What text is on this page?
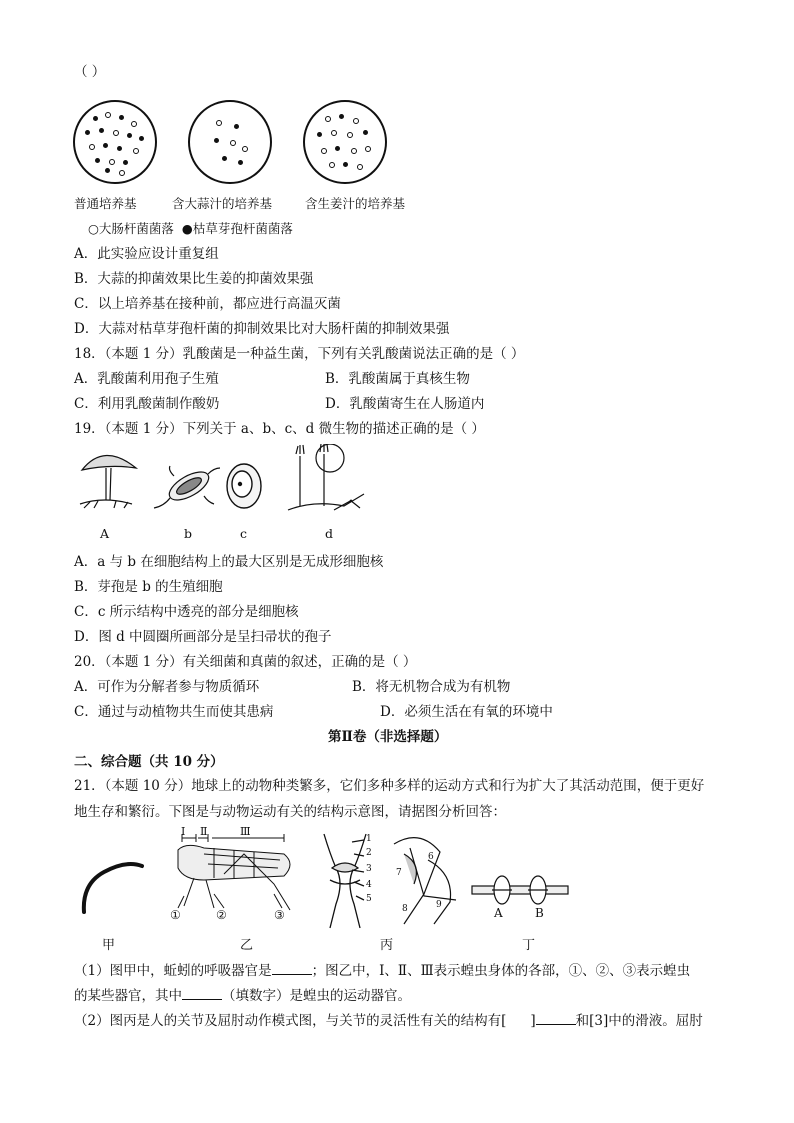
（ ）
普通培养基	含大蒜汁的培养基	含生姜汁的培养基
○大肠杆菌菌落 ●枯草芽孢杆菌菌落
A．此实验应设计重复组
B．大蒜的抑菌效果比生姜的抑菌效果强
C．以上培养基在接种前，都应进行高温灭菌
D．大蒜对枯草芽孢杆菌的抑制效果比对大肠杆菌的抑制效果强
18．（本题 1 分）乳酸菌是一种益生菌，下列有关乳酸菌说法正确的是（ ）
A．乳酸菌利用孢子生殖	B．乳酸菌属于真核生物
C．利用乳酸菌制作酸奶	D．乳酸菌寄生在人肠道内
19．（本题 1 分）下列关于 a、b、c、d 微生物的描述正确的是（ ）
A	b	c	d
A．a 与 b 在细胞结构上的最大区别是无成形细胞核
B．芽孢是 b 的生殖细胞
C．c 所示结构中透亮的部分是细胞核
D．图 d 中圆圈所画部分是呈扫帚状的孢子
20．（本题 1 分）有关细菌和真菌的叙述，正确的是（ ）
A．可作为分解者参与物质循环	B．将无机物合成为有机物
C．通过与动植物共生而使其患病	D．必须生活在有氧的环境中
第Ⅱ卷（非选择题）
二、综合题（共 10 分）
21．（本题 10 分）地球上的动物种类繁多，它们多种多样的运动方式和行为扩大了其活动范围，便于更好
地生存和繁衍。下图是与动物运动有关的结构示意图，请据图分析回答：
Ⅰ Ⅱ	Ⅲ
①	②	③
1
2
3
4
5
6
7
8	9
A	B
甲	乙	丙	丁
（1）图甲中，蚯蚓的呼吸器官是	；图乙中，Ⅰ、Ⅱ、Ⅲ表示蝗虫身体的各部，①、②、③表示蝗虫
的某些器官，其中	（填数字）是蝗虫的运动器官。
（2）图丙是人的关节及屈肘动作模式图，与关节的灵活性有关的结构有[ ]	和[3]中的滑液。屈肘
